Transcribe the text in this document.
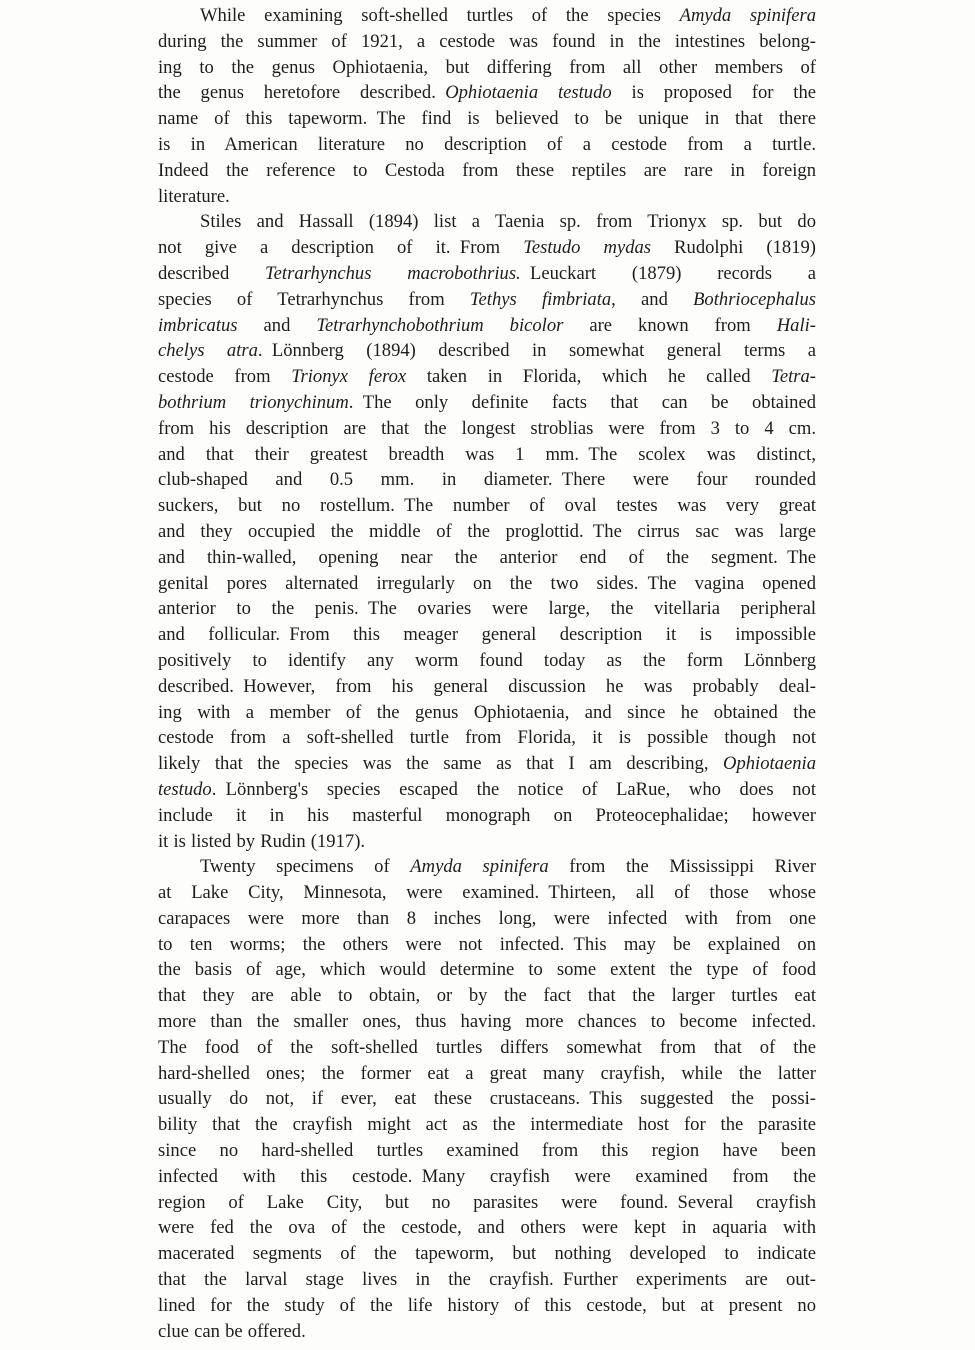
While examining soft-shelled turtles of the species Amyda spinifera
during the summer of 1921, a cestode was found in the intestines belong-
ing to the genus Ophiotaenia, but differing from all other members of
the genus heretofore described. Ophiotaenia testudo is proposed for the
name of this tapeworm. The find is believed to be unique in that there
is in American literature no description of a cestode from a turtle.
Indeed the reference to Cestoda from these reptiles are rare in foreign
literature.
Stiles and Hassall (1894) list a Taenia sp. from Trionyx sp. but do
not give a description of it. From Testudo mydas Rudolphi (1819)
described Tetrarhynchus macrobothrius. Leuckart (1879) records a
species of Tetrarhynchus from Tethys fimbriata, and Bothriocephalus
imbricatus and Tetrarhynchobothrium bicolor are known from Hali-
chelys atra. Lönnberg (1894) described in somewhat general terms a
cestode from Trionyx ferox taken in Florida, which he called Tetra-
bothrium trionychinum. The only definite facts that can be obtained
from his description are that the longest stroblias were from 3 to 4 cm.
and that their greatest breadth was 1 mm. The scolex was distinct,
club-shaped and 0.5 mm. in diameter. There were four rounded
suckers, but no rostellum. The number of oval testes was very great
and they occupied the middle of the proglottid. The cirrus sac was large
and thin-walled, opening near the anterior end of the segment. The
genital pores alternated irregularly on the two sides. The vagina opened
anterior to the penis. The ovaries were large, the vitellaria peripheral
and follicular. From this meager general description it is impossible
positively to identify any worm found today as the form Lönnberg
described. However, from his general discussion he was probably deal-
ing with a member of the genus Ophiotaenia, and since he obtained the
cestode from a soft-shelled turtle from Florida, it is possible though not
likely that the species was the same as that I am describing, Ophiotaenia
testudo. Lönnberg's species escaped the notice of LaRue, who does not
include it in his masterful monograph on Proteocephalidae; however
it is listed by Rudin (1917).
Twenty specimens of Amyda spinifera from the Mississippi River
at Lake City, Minnesota, were examined. Thirteen, all of those whose
carapaces were more than 8 inches long, were infected with from one
to ten worms; the others were not infected. This may be explained on
the basis of age, which would determine to some extent the type of food
that they are able to obtain, or by the fact that the larger turtles eat
more than the smaller ones, thus having more chances to become infected.
The food of the soft-shelled turtles differs somewhat from that of the
hard-shelled ones; the former eat a great many crayfish, while the latter
usually do not, if ever, eat these crustaceans. This suggested the possi-
bility that the crayfish might act as the intermediate host for the parasite
since no hard-shelled turtles examined from this region have been
infected with this cestode. Many crayfish were examined from the
region of Lake City, but no parasites were found. Several crayfish
were fed the ova of the cestode, and others were kept in aquaria with
macerated segments of the tapeworm, but nothing developed to indicate
that the larval stage lives in the crayfish. Further experiments are out-
lined for the study of the life history of this cestode, but at present no
clue can be offered.
